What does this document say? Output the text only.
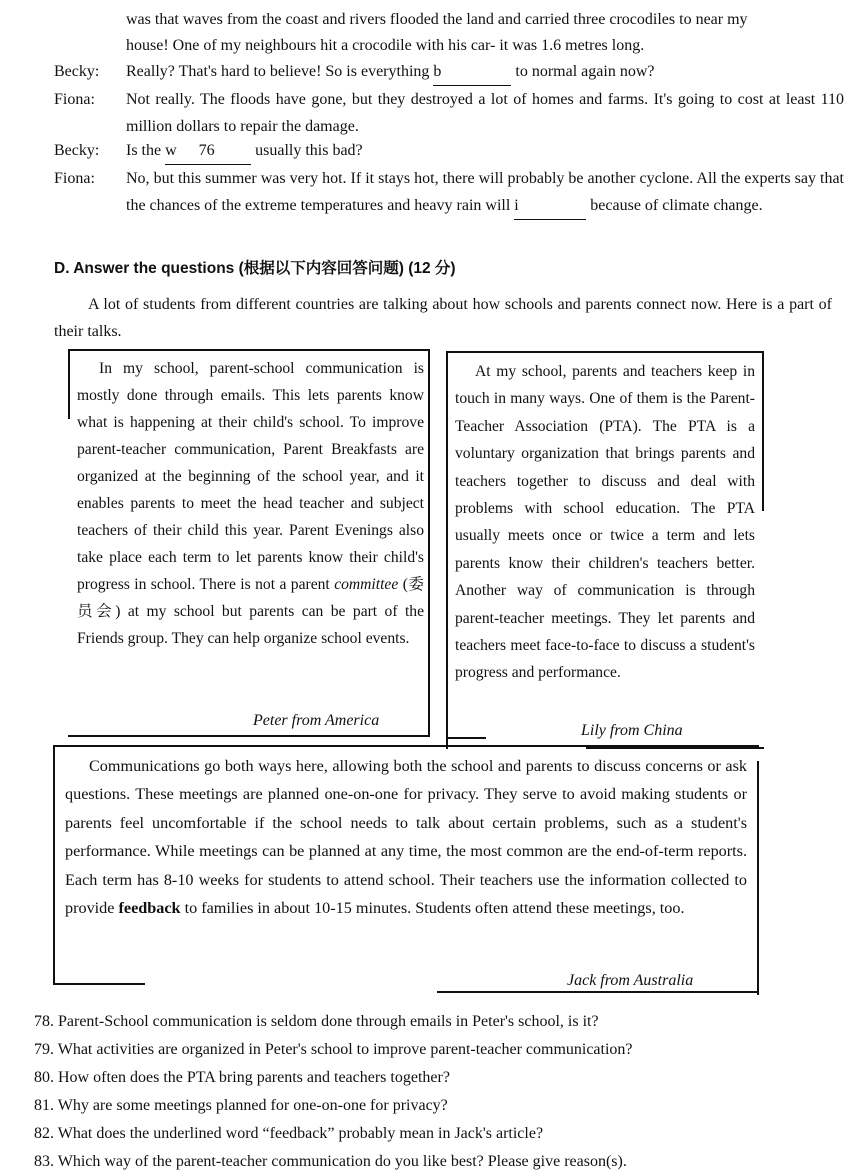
was that waves from the coast and rivers flooded the land and carried three crocodiles to near my
house! One of my neighbours hit a crocodile with his car- it was 1.6 metres long.
Becky:	Really? That's hard to believe! So is everything b	to normal again now?
Fiona:	Not really. The floods have gone, but they destroyed a lot of homes and farms. It's going to cost at least 110 million dollars to repair the damage.
Becky:	Is the w 76 usually this bad?
Fiona:	No, but this summer was very hot. If it stays hot, there will probably be another cyclone. All the experts say that the chances of the extreme temperatures and heavy rain will i	because of climate change.
D. Answer the questions (根据以下内容回答问题) (12 分)
A lot of students from different countries are talking about how schools and parents connect now. Here is a part of their talks.

In my school, parent-school communication is mostly done through emails. This lets parents know what is happening at their child's school. To improve parent-teacher communication, Parent Breakfasts are organized at the beginning of the school year, and it enables parents to meet the head teacher and subject teachers of their child this year. Parent Evenings also take place each term to let parents know their child's progress in school. There is not a parent committee (委员会) at my school but parents can be part of the Friends group. They can help organize school events.

Peter from America

At my school, parents and teachers keep in touch in many ways. One of them is the Parent-Teacher Association (PTA). The PTA is a voluntary organization that brings parents and teachers together to discuss and deal with problems with school education. The PTA usually meets once or twice a term and lets parents know their children's teachers better. Another way of communication is through parent-teacher meetings. They let parents and teachers meet face-to-face to discuss a student's progress and performance.

Lily from China

Communications go both ways here, allowing both the school and parents to discuss concerns or ask questions. These meetings are planned one-on-one for privacy. They serve to avoid making students or parents feel uncomfortable if the school needs to talk about certain problems, such as a student's performance. While meetings can be planned at any time, the most common are the end-of-term reports. Each term has 8-10 weeks for students to attend school. Their teachers use the information collected to provide feedback to families in about 10-15 minutes. Students often attend these meetings, too.

Jack from Australia
78. Parent-School communication is seldom done through emails in Peter's school, is it?
79. What activities are organized in Peter's school to improve parent-teacher communication?
80. How often does the PTA bring parents and teachers together?
81. Why are some meetings planned for one-on-one for privacy?
82. What does the underlined word “feedback” probably mean in Jack's article?
83. Which way of the parent-teacher communication do you like best? Please give reason(s).
